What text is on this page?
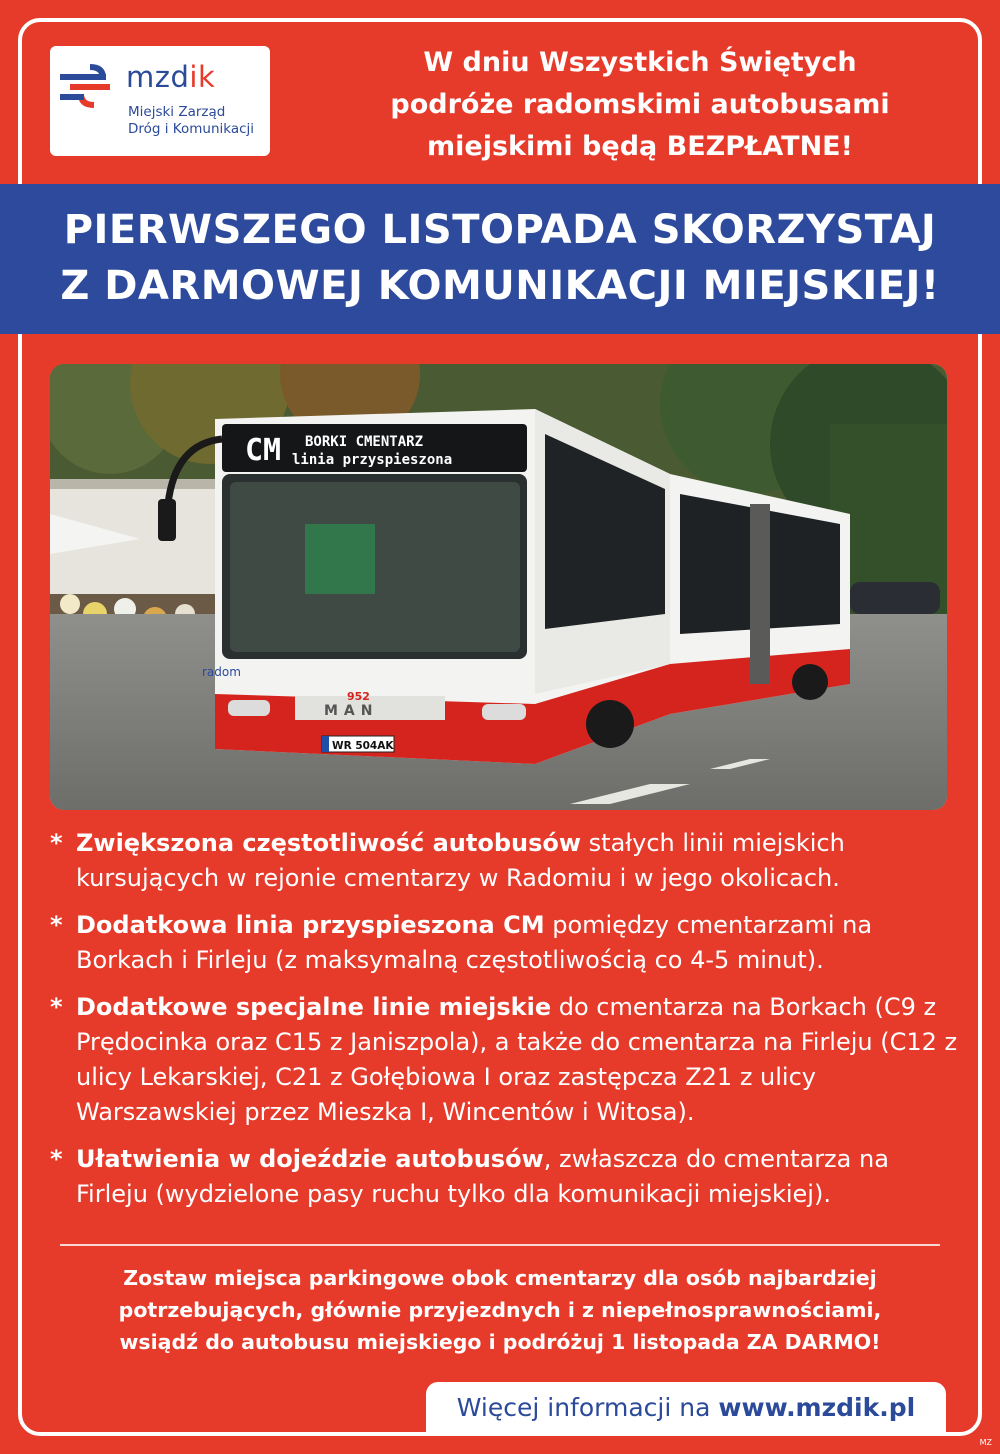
mzdik
Miejski Zarząd
Dróg i Komunikacji
W dniu Wszystkich Świętych
podróże radomskimi autobusami
miejskimi będą BEZPŁATNE!
PIERWSZEGO LISTOPADA SKORZYSTAJ
Z DARMOWEJ KOMUNIKACJI MIEJSKIEJ!
CM BORKI CMENTARZ
linia przyspieszona
952
MAN
radom
WR 504AK
* Zwiększona częstotliwość autobusów stałych linii miejskich kursujących w rejonie cmentarzy w Radomiu i w jego okolicach.
* Dodatkowa linia przyspieszona CM pomiędzy cmentarzami na Borkach i Firleju (z maksymalną częstotliwością co 4-5 minut).
* Dodatkowe specjalne linie miejskie do cmentarza na Borkach (C9 z Prędocinka oraz C15 z Janiszpola), a także do cmentarza na Firleju (C12 z ulicy Lekarskiej, C21 z Gołębiowa I oraz zastępcza Z21 z ulicy Warszawskiej przez Mieszka I, Wincentów i Witosa).
* Ułatwienia w dojeździe autobusów, zwłaszcza do cmentarza na Firleju (wydzielone pasy ruchu tylko dla komunikacji miejskiej).
Zostaw miejsca parkingowe obok cmentarzy dla osób najbardziej
potrzebujących, głównie przyjezdnych i z niepełnosprawnościami,
wsiądź do autobusu miejskiego i podróżuj 1 listopada ZA DARMO!
Więcej informacji na www.mzdik.pl
MZ
